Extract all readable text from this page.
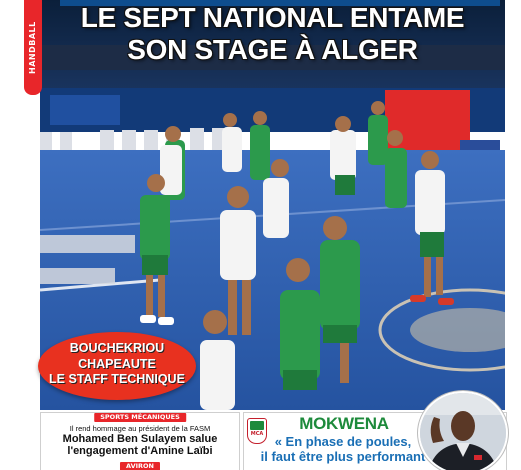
HANDBALL
LE SEPT NATIONAL ENTAME
SON STAGE À ALGER
BOUCHEKRIOU
CHAPEAUTE
LE STAFF TECHNIQUE
SPORTS MÉCANIQUES
Il rend hommage au président de la FASM
Mohamed Ben Sulayem salue
l'engagement d'Amine Laïbi
AVIRON
MCA
MOKWENA
« En phase de poules,
il faut être plus performant
